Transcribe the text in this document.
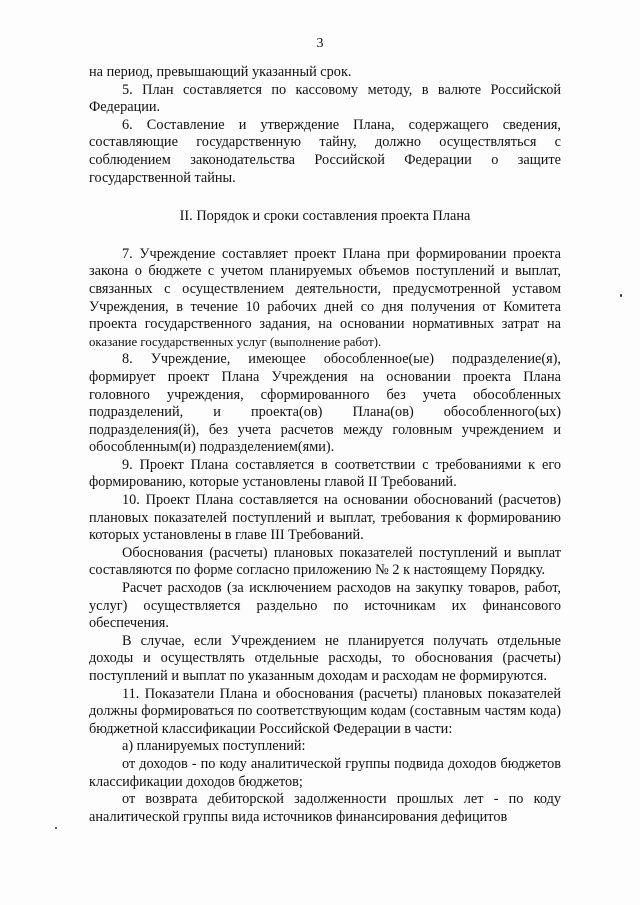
3

на период, превышающий указанный срок.

5. План составляется по кассовому методу, в валюте Российской Федерации.

6. Составление и утверждение Плана, содержащего сведения, составляющие государственную тайну, должно осуществляться с соблюдением законодательства Российской Федерации о защите государственной тайны.

II. Порядок и сроки составления проекта Плана

7. Учреждение составляет проект Плана при формировании проекта закона о бюджете с учетом планируемых объемов поступлений и выплат, связанных с осуществлением деятельности, предусмотренной уставом Учреждения, в течение 10 рабочих дней со дня получения от Комитета проекта государственного задания, на основании нормативных затрат на оказание государственных услуг (выполнение работ).

8. Учреждение, имеющее обособленное(ые) подразделение(я), формирует проект Плана Учреждения на основании проекта Плана головного учреждения, сформированного без учета обособленных подразделений, и проекта(ов) Плана(ов) обособленного(ых) подразделения(й), без учета расчетов между головным учреждением и обособленным(и) подразделением(ями).

9. Проект Плана составляется в соответствии с требованиями к его формированию, которые установлены главой II Требований.

10. Проект Плана составляется на основании обоснований (расчетов) плановых показателей поступлений и выплат, требования к формированию которых установлены в главе III Требований.

Обоснования (расчеты) плановых показателей поступлений и выплат составляются по форме согласно приложению № 2 к настоящему Порядку.

Расчет расходов (за исключением расходов на закупку товаров, работ, услуг) осуществляется раздельно по источникам их финансового обеспечения.

В случае, если Учреждением не планируется получать отдельные доходы и осуществлять отдельные расходы, то обоснования (расчеты) поступлений и выплат по указанным доходам и расходам не формируются.

11. Показатели Плана и обоснования (расчеты) плановых показателей должны формироваться по соответствующим кодам (составным частям кода) бюджетной классификации Российской Федерации в части:

а) планируемых поступлений:

от доходов - по коду аналитической группы подвида доходов бюджетов классификации доходов бюджетов;

от возврата дебиторской задолженности прошлых лет - по коду аналитической группы вида источников финансирования дефицитов
